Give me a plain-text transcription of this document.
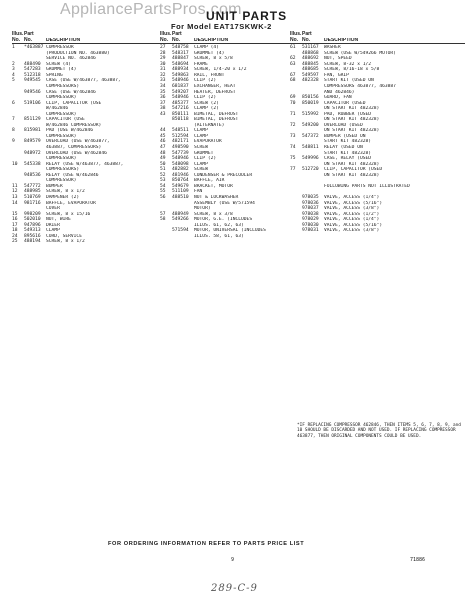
AppliancePartsPros.com
UNIT PARTS
For Model EAT17SKWK-2
Illus. Part
No. No.	DESCRIPTION
1	*463887 COMPRESSOR
(PRODUCTION NO. 463880)
SERVICE NO. 462846
2	488490	SCREW (4)
3	547283	GROMMET (4)
4	512318	SPRING
5	949545	CASE (USE W/463877, 463887,
COMPRESSORS)
949546	CASE (USE W/462846
COMPRESSOR)
6	519106	CLIP, CAPACITOR (USE
W/462846
COMPRESSOR)
7	851129	CAPACITOR (USE
W/462846 COMPRESSOR)
8	815981	PAD (USE W/462846
COMPRESSOR)
9	849579	OVERLOAD (USE W/463877,
463887, COMPRESSORS)
948972	OVERLOAD (USE W/462846
COMPRESSOR)
10	545338	RELAY (USE W/463877, 463887,
COMPRESSORS)
948536	RELAY (USE W/462846
COMPRESSOR)
11	547772	BUMPER
12	488985	SCREW, 8 x 1/2
13	510769	DAMPENER (2)
14	981716	BAFFLE, EVAPORATOR
COVER
15	998209	SCREW, 8 x 15/16
16	502010	NUT, WIRE
17	947896	DRIER
18	549313	CLAMP
24	895616	CORD, SERVICE
25	488194	SCREW, 8 x 1/2
Illus. Part
No. No.	DESCRIPTION
27	548758	CLAMP (4)
28	548317	GROMMET (4)
29	488847	SCREW, 8 x 5/8
30	548694	FRAME
31	488934	SCREW, 1/4-20 x 1/2
32	549863	RAIL, FRONT
33	548946	CLIP (2)
34	681837	EXCHANGER, HEAT
35	549207	HEATER, DEFROST
36	548946	CLIP (2)
37	485377	SCREW (2)
38	547216	CLAMP (2)
43	850111	BIMETAL, DEFROST
850118	BIMETAL, DEFROST
(ALTERNATE)
44	548511	CLAMP
45	512594	CLAMP
46	482171	EVAPORATOR
47	498590	SCREW
48	547739	GROMMET
49	548946	CLIP (2)
50	548098	CLAMP
51	482882	SCREW
52	481946	CONDENSER & PRECOOLER
53	850764	BAFFLE, AIR
54	549679	BRACKET, MOTOR
55	511109	FAN
56	488510	NUT & LOCKWASHER
ASSEMBLY (USE W/571594
MOTOR)
57	488949	SCREW, 8 x 3/8
58	549266	MOTOR, G.E. (INCLUDES
ILLUS. 61, 62, 63)
571594	MOTOR, UNIVERSAL (INCLUDES
ILLUS. 58, 61, 63)
Illus. Part
No. No.	DESCRIPTION
61	531167	WASHER
488868	SCREW (USE W/549266 MOTOR)
62	488692	NUT, SPEED
63	488845	SCREW, 8-32 x 1/2
488685	SCREW, 8/16-18 x 5/8
67	549597	FAN, GRIP
68	482328	START KIT (USED ON
COMPRESSORS 463877, 463887
AND 462846)
69	850156	GUARD, FAN
70	850019	CAPACITOR (USED
ON START KIT 482328)
71	515992	PAD, RUBBER (USED
ON START KIT 482328)
72	549200	OVERLOAD (USED
ON START KIT 482328)
73	547372	BUMPER (USED ON
START KIT 482328)
74	548811	RELAY (USED ON
START KIT 482328)
75	549996	CASE, RELAY (USED
ON START KIT 482328)
77	512720	CLIP, CAPACITOR (USED
ON START KIT 482328)
FOLLOWING PARTS NOT ILLUSTRATED
978035	VALVE, ACCESS (1/4")
978036	VALVE, ACCESS (5/16")
978037	VALVE, ACCESS (3/8")
978038	VALVE, ACCESS (1/2")
978029	VALVE, ACCESS (1/4")
978030	VALVE, ACCESS (5/16")
978031	VALVE, ACCESS (3/8")
*IF REPLACING COMPRESSOR 462846, THEN ITEMS 5, 6, 7, 8, 9, and 10 SHOULD BE DISCARDED AND NOT USED. IF REPLACING COMPRESSOR 463877, THEN ORIGINAL COMPONENTS COULD BE USED.
FOR ORDERING INFORMATION REFER TO PARTS PRICE LIST
9	71886
289-C-9
